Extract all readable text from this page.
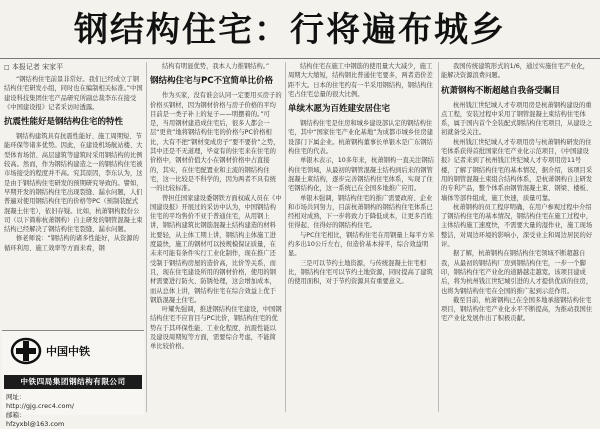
钢结构住宅：行将遍布城乡

□ 本报记者 宋家平

“钢结构住宅前景非常好。我们已经成立了钢结构住宅研发小组，同时也在编制相关标准。”中国建设科技集团住宅产品研究所副总裁李东在接受《中国建设报》记者采访时透露。

抗震性能好是钢结构住宅的特性

钢结构建筑具有抗震性能好、施工周期短、节能环保等诸多优势。因此，在建设机场航站楼、大型体育场馆、高层建筑等建筑时采用钢结构的比例较高。然而，作为钢结构建造之一的钢结构住宅被市场接受的程度并不高。究其原因，李东认为，这是由于钢结构住宅研发的预期研究导致的。譬如，早期开发的钢结构住宅出现裂缝、漏水问题，人们普遍对使用钢结构住宅的价格等PC（预制装配式混凝土住宅），依旧存疑。比如，杭萧钢构股份公司（以下简称杭萧钢构）自主研发的钢管混凝土束结构已经解决了钢结构住宅裂缝、漏水问题。

修老师说：“钢结构的诸多性能好，从资源的循环利用、施工效率等方面来看，钢

中国中铁
中铁四局集团钢结构有限公司
网址：
http://gjg.crec4.com/
邮箱：
hfzyxbl@163.com

结构有明显优势，我本人力推钢结构。”

钢结构住宅与PC不宜简单比价格

作为买家，没有谁会认同一定要用买房子的价格买钢材，因为钢材价格与房子价格的平均目前是一类子补上的复子——明摆着的。”可是，当用钢材建造成住宅后，很多人都会一层“更贵”地将钢结构住宅的价格与PC价格相比，大有不把“钢材变成房子”要不要价”之势，其中还是不无道理，毕竟有的住宅来在住宅的价格中，钢材价值大小在钢材价格中占直接的，其实，在住宅配置业和主流的钢结构住宅，这一比较是不科学的，因为两者不具有统一的比较标准。

曾担任国家建设委钢铁方面权威人员在《中国建设报》开展过的采访中认为，中国钢结构住宅的平均售价不亚于普通住宅，从用钢上讲，钢结构建筑比钢筋混凝土结构建造的材料比要轻，从主体工期上讲，钢结构主体施工进度最快，施工的钢材可以按规模保证质量，在未来可能有条件实行工业化制作，现在推广还受制于钢结构房屋的造价高，比价等关系，而且，现在住宅建设所用的钢材价格，使用的钢材需要进行防火、防锈处理，这会增加成本，而从总体上讲，钢结构住宅在综合效益上优于钢筋混凝土住宅。

叶耀先强调，推进钢结构住宅建设，中国钢结构住宅不应盲目与PC比价，钢结构住宅的优势在于其环保性能、工业化程度、抗震性能以及建设周期短等方面，需要综合考虑，不能简单比较价格。

结构住宅在施工中钢筋的使用量大大减少，施工周期大大缩短，结构钢比普通住宅要多，两者造价差距不大。日本的住宅约有一半采用钢结构，钢结构住宅占住宅总量的很大比例。

单续木愿为百姓建安居住宅

钢结构住宅是住房和城乡建设部认定的钢结构住宅，其中“国家住宅产业化基地”为成都市城乡住房建设部门下属企业。杭萧钢构董事长单银木是广东钢结构住宅的代表。

单银木表示，10多年来，杭萧钢构一直关注钢结构住宅领域，从最初的钢管混凝土结构到后来的钢管混凝土束结构，逐步完善钢结构住宅体系，实现了住宅钢结构化，这一系统已在全国多地推广应用。

单银木强调，钢结构住宅的推广需要政府、企业和市场共同努力，目前杭萧钢构的钢结构住宅体系已经相对成熟，下一步将致力于降低成本，让更多百姓住得起、住得好的钢结构住宅。

与PC住宅相比，钢结构住宅在用钢量上每平方米约多出10公斤左右，但造价基本持平，综合效益明显。

三是可以节约土地资源，与传统混凝土住宅相比，钢结构住宅可以节约土地资源，同时提高了建筑的使用面积，对于节约资源具有重要意义。

我国传统建筑形式的1/6，通过实施住宅产业化，能解决资源浪费问题。

杭萧钢构不断超越自我备受瞩目

杭州钱江世纪城人才专项用房是杭萧钢构建设的重点工程，安装过程中采用了钢管混凝土束结构住宅体系，属于国内首个全装配式钢结构住宅项目，从建设之初就备受关注。

杭州钱江世纪城人才专项用房与杭萧钢构研发的住宅体系获得首批国家住宅产业化示范项目，《中国建设报》记者来到了杭州钱江世纪城人才专项用房11号楼，了解了钢结构住宅的基本情况，据介绍，该项目采用的钢管混凝土束组合结构体系，是杭萧钢构自主研发的专利产品，整个体系由钢管混凝土束、钢梁、楼板、墙体等部件组成，施工快速，质量可靠。

杭萧钢构的员工程序明确，在用户参观过程中介绍了钢结构住宅的基本情况，钢结构住宅在施工过程中，主体结构施工速度快，不需要大量的湿作业，施工现场整洁，对周边环境的影响小，深受业主和周边居民的好评。

据了解，杭萧钢构在钢结构住宅领域不断超越自我，从最初的钢结构厂房到钢结构住宅，一步一个脚印，钢结构住宅产业化的道路越走越宽。该项目建成后，将为杭州钱江世纪城引进的人才提供优质的住房，也将为钢结构住宅在全国的推广起到示范作用。

截至目前，杭萧钢构已在全国多地承接钢结构住宅项目，钢结构住宅产业化水平不断提高，为推动我国住宅产业化发展作出了积极贡献。
